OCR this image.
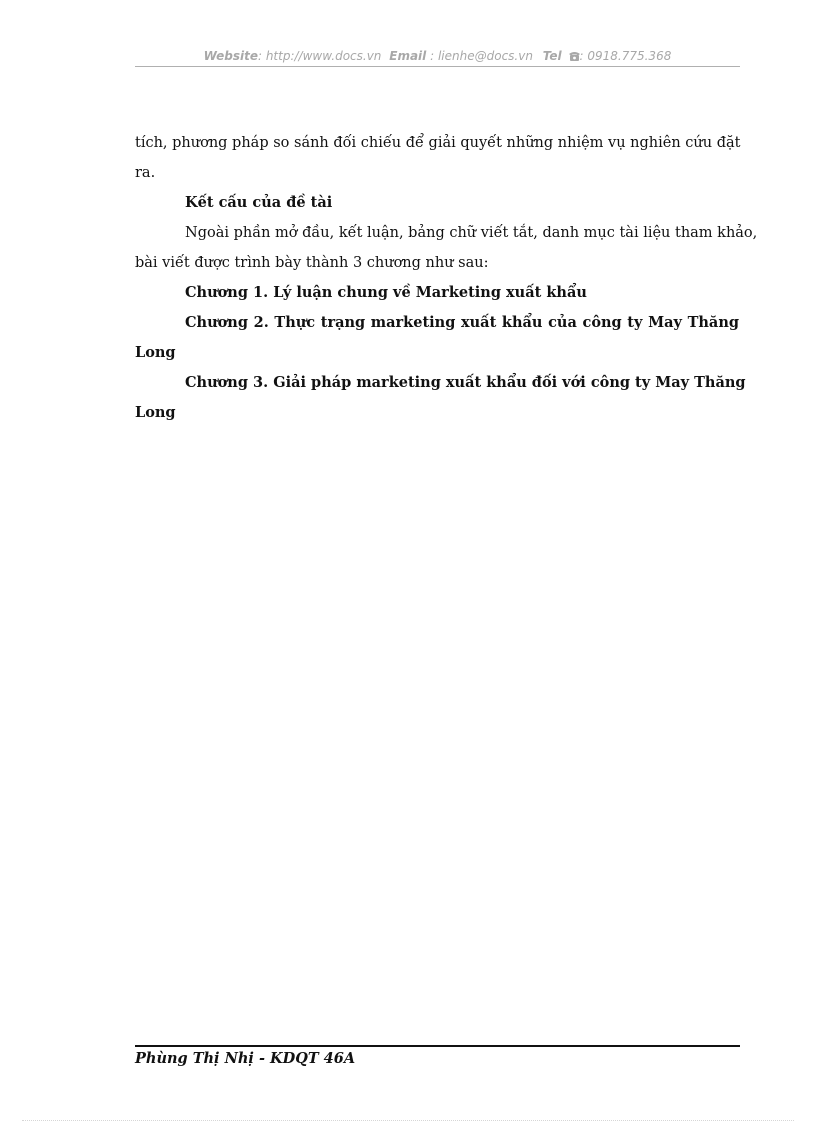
Website: http://www.docs.vn Email : lienhe@docs.vn Tel : 0918.775.368
tích, phương pháp so sánh đối chiếu để giải quyết những nhiệm vụ nghiên cứu đặt
ra.
Kết cấu của đề tài
Ngoài phần mở đầu, kết luận, bảng chữ viết tắt, danh mục tài liệu tham khảo,
bài viết được trình bày thành 3 chương như sau:
Chương 1. Lý luận chung về Marketing xuất khẩu
Chương 2. Thực trạng marketing xuất khẩu của công ty May Thăng
Long
Chương 3. Giải pháp marketing xuất khẩu đối với công ty May Thăng
Long
Phùng Thị Nhị - KDQT 46A
